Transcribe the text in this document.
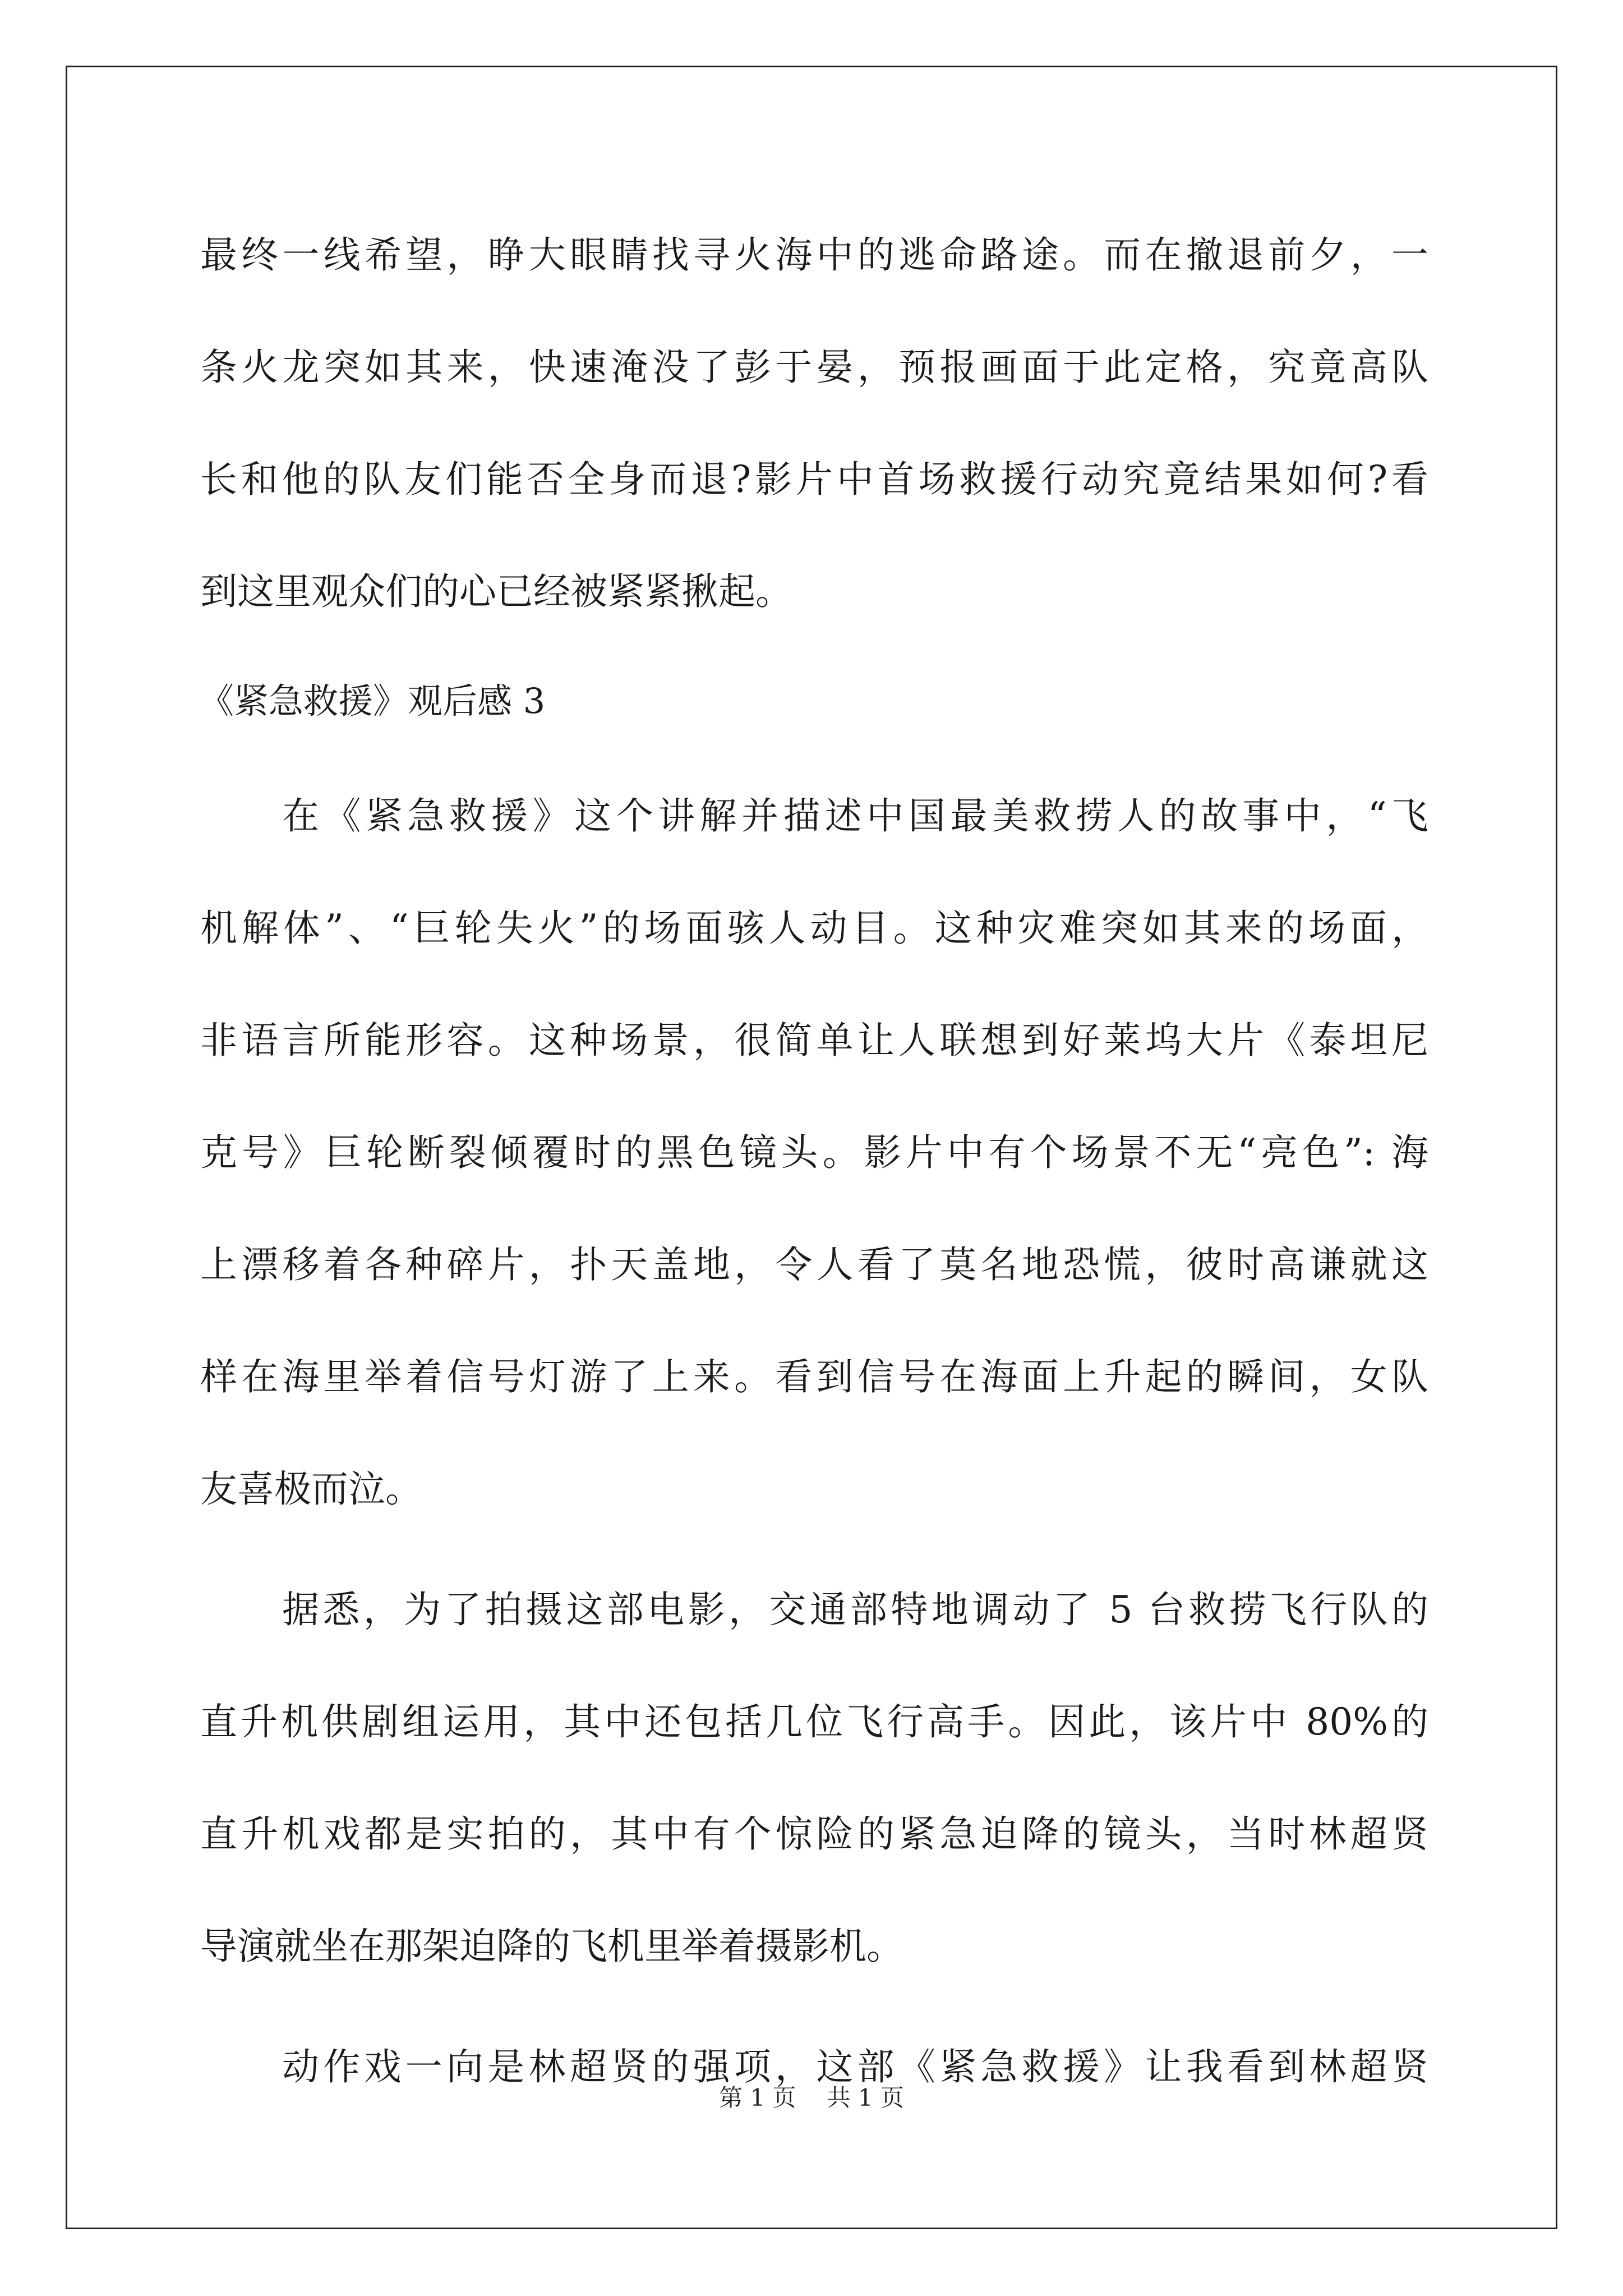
最终一线希望，睁大眼睛找寻火海中的逃命路途。而在撤退前夕，一
条火龙突如其来，快速淹没了彭于晏，预报画面于此定格，究竟高队
长和他的队友们能否全身而退?影片中首场救援行动究竟结果如何?看
到这里观众们的心已经被紧紧揪起。
《紧急救援》观后感 3
在《紧急救援》这个讲解并描述中国最美救捞人的故事中，“飞
机解体”、“巨轮失火”的场面骇人动目。这种灾难突如其来的场面，
非语言所能形容。这种场景，很简单让人联想到好莱坞大片《泰坦尼
克号》巨轮断裂倾覆时的黑色镜头。影片中有个场景不无“亮色”: 海
上漂移着各种碎片，扑天盖地，令人看了莫名地恐慌，彼时高谦就这
样在海里举着信号灯游了上来。看到信号在海面上升起的瞬间，女队
友喜极而泣。
据悉，为了拍摄这部电影，交通部特地调动了 5 台救捞飞行队的
直升机供剧组运用，其中还包括几位飞行高手。因此，该片中 80%的
直升机戏都是实拍的，其中有个惊险的紧急迫降的镜头，当时林超贤
导演就坐在那架迫降的飞机里举着摄影机。
动作戏一向是林超贤的强项，这部《紧急救援》让我看到林超贤
第 1 页 共 1 页
